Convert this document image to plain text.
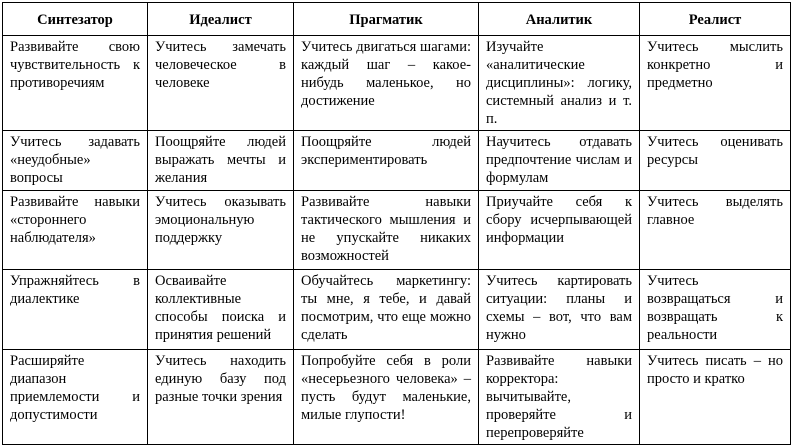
Синтезатор	Идеалист	Прагматик	Аналитик	Реалист
Развивайте свою чувствительность к противоречиям	Учитесь замечать человеческое в человеке	Учитесь двигаться шагами: каждый шаг – какое-нибудь маленькое, но достижение	Изучайте «аналитические дисциплины»: логику, системный анализ и т. п.	Учитесь мыслить конкретно и предметно
Учитесь задавать «неудобные» вопросы	Поощряйте людей выражать мечты и желания	Поощряйте людей экспериментировать	Научитесь отдавать предпочтение числам и формулам	Учитесь оценивать ресурсы
Развивайте навыки «стороннего наблюдателя»	Учитесь оказывать эмоциональную поддержку	Развивайте навыки тактического мышления и не упускайте никаких возможностей	Приучайте себя к сбору исчерпывающей информации	Учитесь выделять главное
Упражняйтесь в диалектике	Осваивайте коллективные способы поиска и принятия решений	Обучайтесь маркетингу: ты мне, я тебе, и давай посмотрим, что еще можно сделать	Учитесь картировать ситуации: планы и схемы – вот, что вам нужно	Учитесь возвращаться и возвращать к реальности
Расширяйте диапазон приемлемости и допустимости	Учитесь находить единую базу под разные точки зрения	Попробуйте себя в роли «несерьезного человека» – пусть будут маленькие, милые глупости!	Развивайте навыки корректора: вычитывайте, проверяйте и перепроверяйте	Учитесь писать – но просто и кратко
